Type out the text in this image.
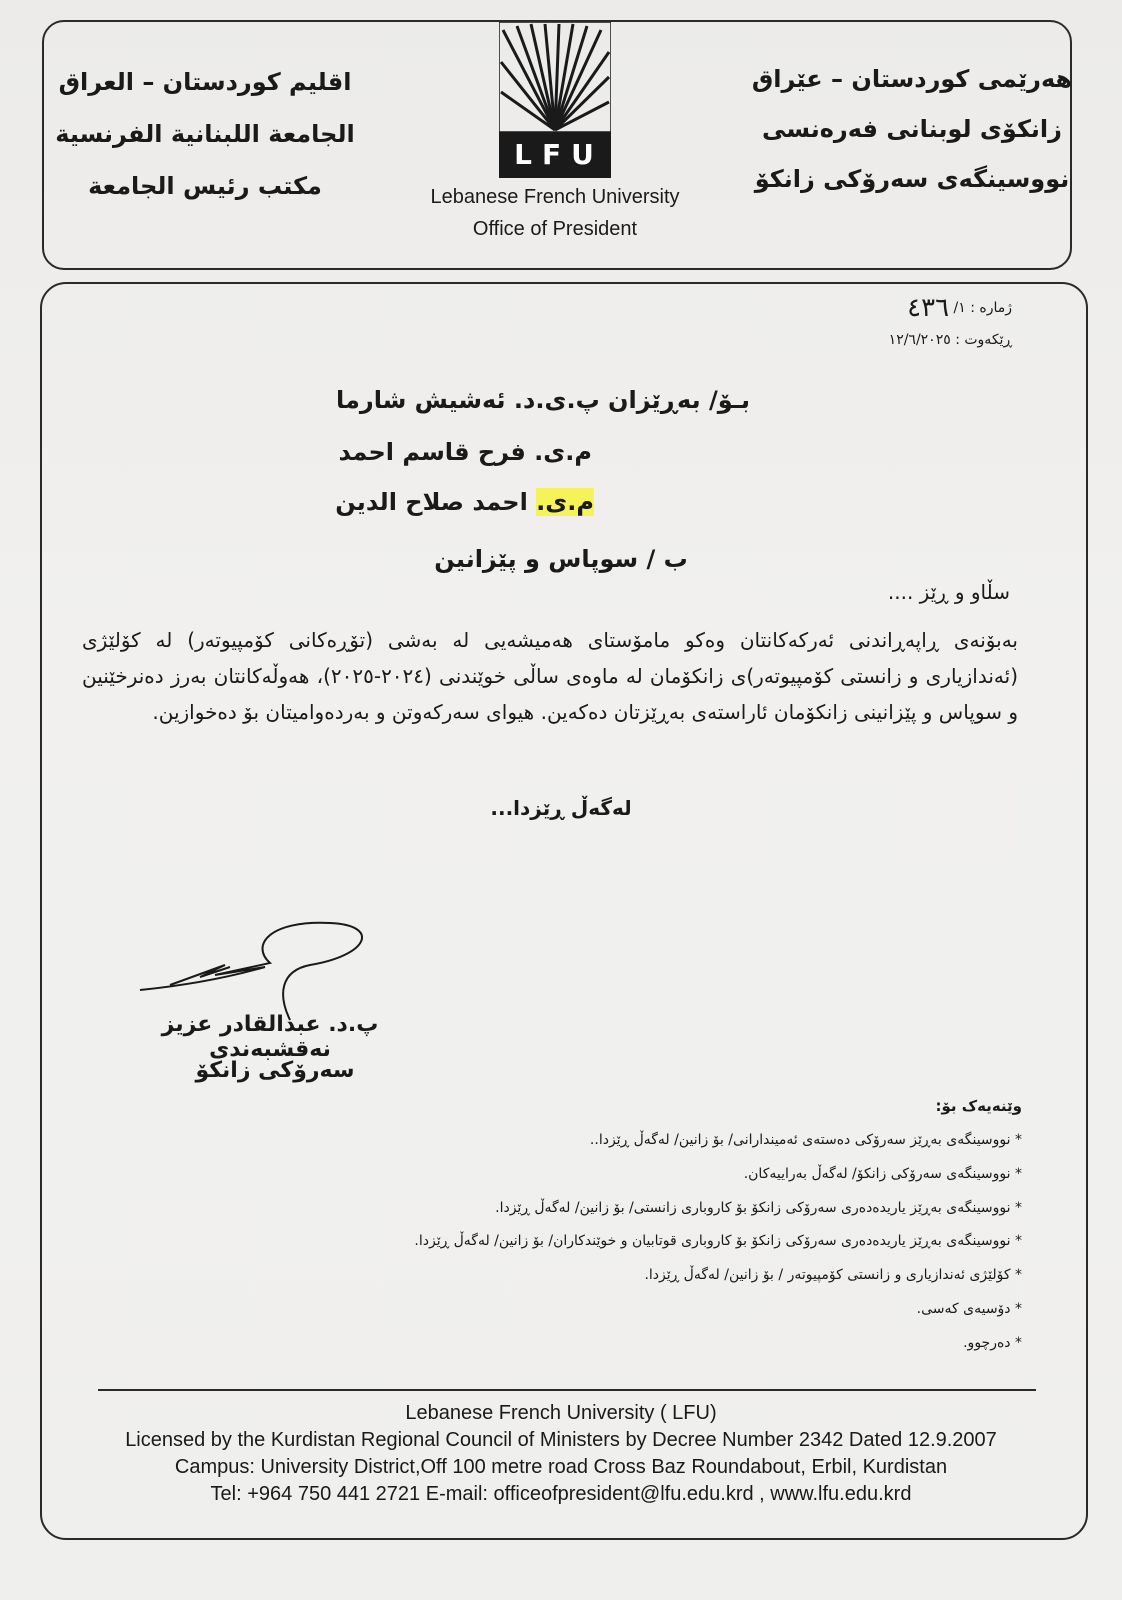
اقليم كوردستان – العراق
الجامعة اللبنانية الفرنسية
مكتب رئيس الجامعة
LFU
Lebanese French University
Office of President
هەرێمی کوردستان – عێراق
زانکۆی لوبنانی فەرەنسی
نووسینگەی سەرۆکی زانکۆ
ژمارە : ١/ ٤٣٦
ڕێکەوت : ١٢/٦/٢٠٢٥
بـۆ/ بەڕێزان پ.ی.د. ئەشیش شارما
م.ی. فرح قاسم احمد
م.ی. احمد صلاح الدين
ب / سوپاس و پێزانین
سڵاو و ڕێز ....
بەبۆنەی ڕاپەڕاندنی ئەرکەکانتان وەکو مامۆستای هەمیشەیی لە بەشی (تۆڕەکانی کۆمپیوتەر) لە کۆلێژی (ئەندازیاری و زانستی کۆمپیوتەر)ی زانکۆمان لە ماوەی ساڵی خوێندنی (٢٠٢٤-٢٠٢٥)، هەوڵەکانتان بەرز دەنرخێنین و سوپاس و پێزانینی زانکۆمان ئاراستەی بەڕێزتان دەکەین. هیوای سەرکەوتن و بەردەوامیتان بۆ دەخوازین.
لەگەڵ ڕێزدا...
پ.د. عبدالقادر عزیز نەقشبەندی
سەرۆکی زانکۆ
وێنەیەک بۆ:
* نووسینگەی بەڕێز سەرۆکی دەستەی ئەمیندارانی/ بۆ زانین/ لەگەڵ ڕێزدا..
* نووسینگەی سەرۆکی زانکۆ/ لەگەڵ بەراییەکان.
* نووسینگەی بەڕێز یاریدەدەری سەرۆکی زانکۆ بۆ کاروباری زانستی/ بۆ زانین/ لەگەڵ ڕێزدا.
* نووسینگەی بەڕێز یاریدەدەری سەرۆکی زانکۆ بۆ کاروباری قوتابیان و خوێندکاران/ بۆ زانین/ لەگەڵ ڕێزدا.
* کۆلێژی ئەندازیاری و زانستی کۆمپیوتەر / بۆ زانین/ لەگەڵ ڕێزدا.
* دۆسیەی کەسی.
* دەرچوو.
Lebanese French University ( LFU)
Licensed by the Kurdistan Regional Council of Ministers by Decree Number 2342 Dated 12.9.2007
Campus: University District,Off 100 metre road Cross Baz Roundabout, Erbil, Kurdistan
Tel: +964 750 441 2721 E-mail: officeofpresident@lfu.edu.krd , www.lfu.edu.krd
